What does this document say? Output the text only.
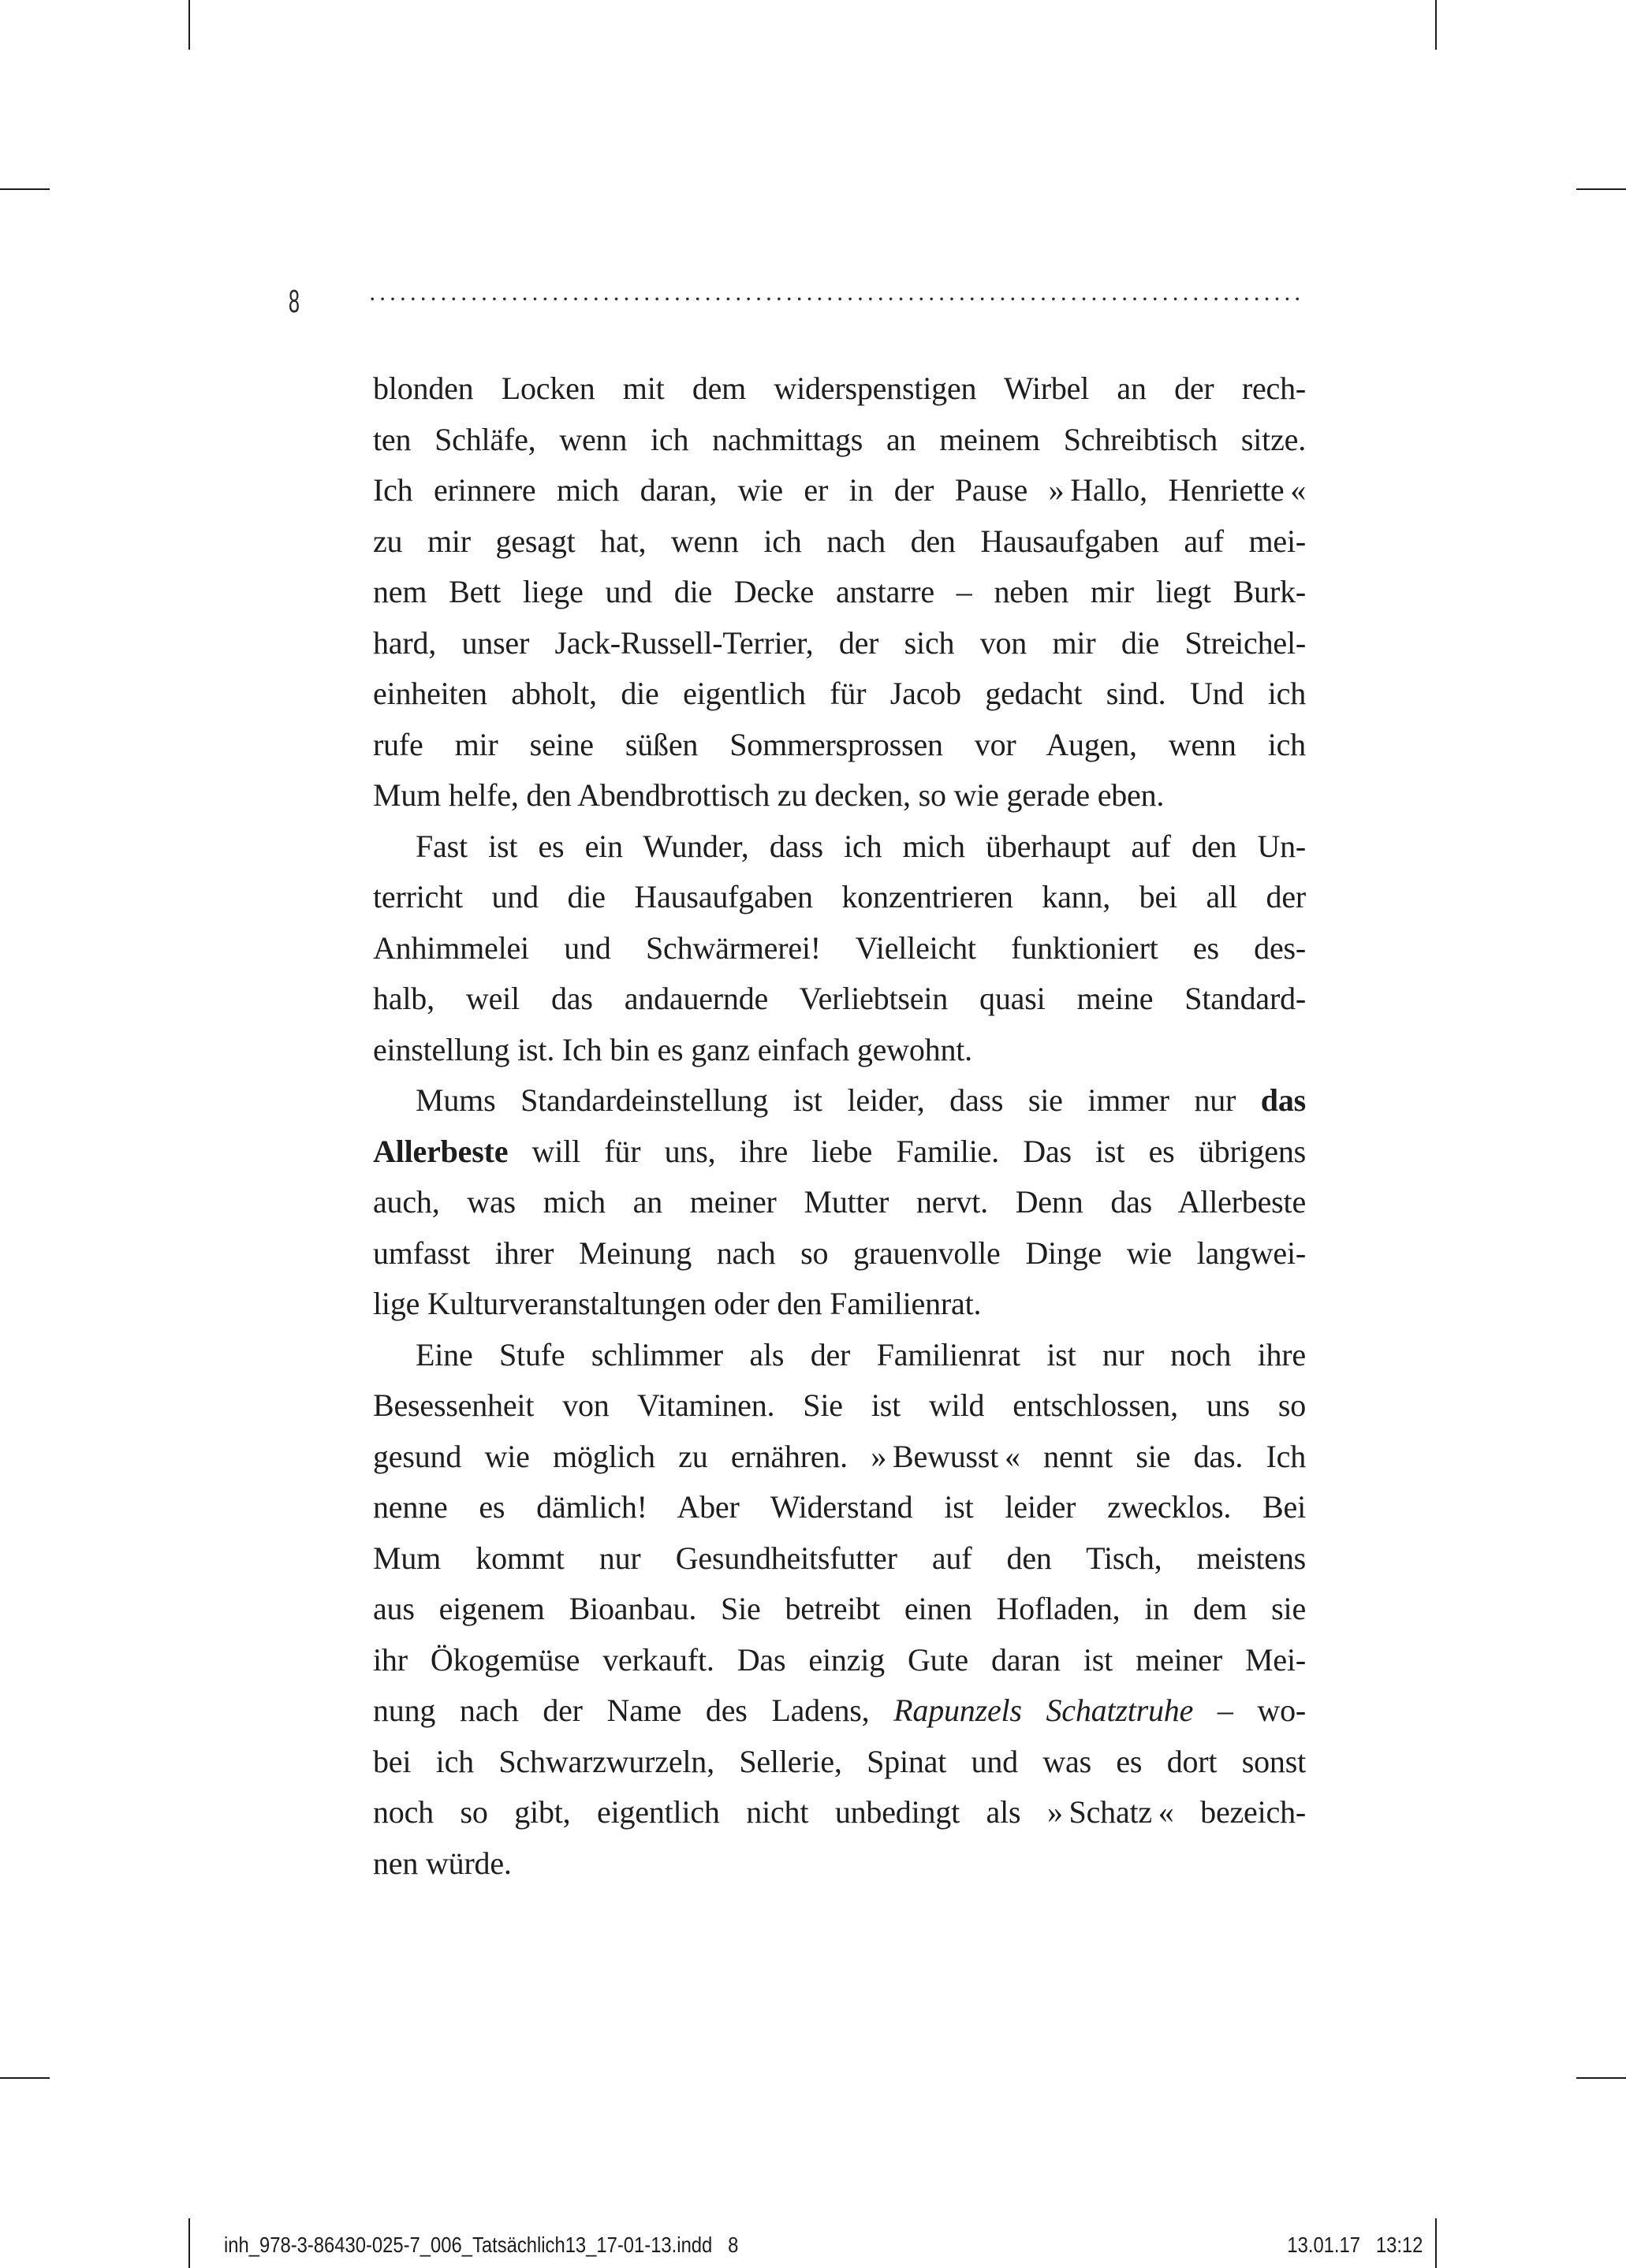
8
blonden Locken mit dem widerspenstigen Wirbel an der rech-
ten Schläfe, wenn ich nachmittags an meinem Schreibtisch sitze.
Ich erinnere mich daran, wie er in der Pause » Hallo, Henriette «
zu mir gesagt hat, wenn ich nach den Hausaufgaben auf mei-
nem Bett liege und die Decke anstarre – neben mir liegt Burk-
hard, unser Jack-Russell-Terrier, der sich von mir die Streichel-
einheiten abholt, die eigentlich für Jacob gedacht sind. Und ich
rufe mir seine süßen Sommersprossen vor Augen, wenn ich
Mum helfe, den Abendbrottisch zu decken, so wie gerade eben.
Fast ist es ein Wunder, dass ich mich überhaupt auf den Un-
terricht und die Hausaufgaben konzentrieren kann, bei all der
Anhimmelei und Schwärmerei! Vielleicht funktioniert es des-
halb, weil das andauernde Verliebtsein quasi meine Standard-
einstellung ist. Ich bin es ganz einfach gewohnt.
Mums Standardeinstellung ist leider, dass sie immer nur das
Allerbeste will für uns, ihre liebe Familie. Das ist es übrigens
auch, was mich an meiner Mutter nervt. Denn das Allerbeste
umfasst ihrer Meinung nach so grauenvolle Dinge wie langwei-
lige Kulturveranstaltungen oder den Familienrat.
Eine Stufe schlimmer als der Familienrat ist nur noch ihre
Besessenheit von Vitaminen. Sie ist wild entschlossen, uns so
gesund wie möglich zu ernähren. » Bewusst « nennt sie das. Ich
nenne es dämlich! Aber Widerstand ist leider zwecklos. Bei
Mum kommt nur Gesundheitsfutter auf den Tisch, meistens
aus eigenem Bioanbau. Sie betreibt einen Hofladen, in dem sie
ihr Ökogemüse verkauft. Das einzig Gute daran ist meiner Mei-
nung nach der Name des Ladens, Rapunzels Schatztruhe – wo-
bei ich Schwarzwurzeln, Sellerie, Spinat und was es dort sonst
noch so gibt, eigentlich nicht unbedingt als » Schatz « bezeich-
nen würde.
inh_978-3-86430-025-7_006_Tatsächlich13_17-01-13.indd   8	13.01.17   13:12
